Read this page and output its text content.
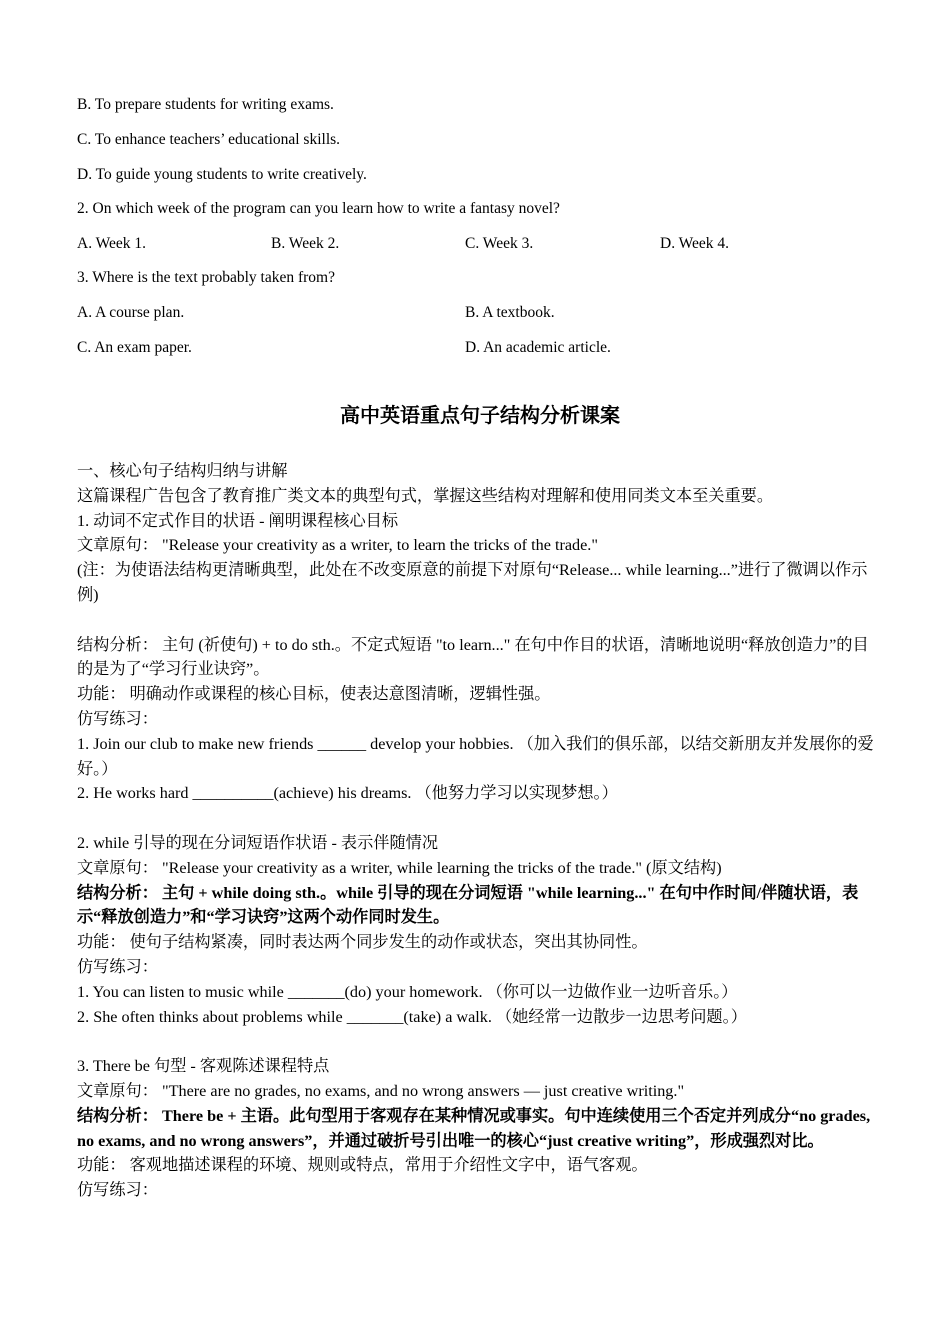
B. To prepare students for writing exams.
C. To enhance teachers’ educational skills.
D. To guide young students to write creatively.
2. On which week of the program can you learn how to write a fantasy novel?
A. Week 1.	B. Week 2.	C. Week 3.	D. Week 4.
3. Where is the text probably taken from?
A. A course plan.	B. A textbook.
C. An exam paper.	D. An academic article.
高中英语重点句子结构分析课案

一、核心句子结构归纳与讲解

这篇课程广告包含了教育推广类文本的典型句式，掌握这些结构对理解和使用同类文本至关重要。

1. 动词不定式作目的状语 - 阐明课程核心目标

文章原句： "Release your creativity as a writer, to learn the tricks of the trade."

(注：为使语法结构更清晰典型，此处在不改变原意的前提下对原句“Release... while learning...”进行了微调以作示例)

结构分析： 主句 (祈使句) + to do sth.。不定式短语 "to learn..." 在句中作目的状语，清晰地说明“释放创造力”的目的是为了“学习行业诀窍”。

功能： 明确动作或课程的核心目标，使表达意图清晰，逻辑性强。

仿写练习：

1. Join our club to make new friends ______ develop your hobbies. （加入我们的俱乐部，以结交新朋友并发展你的爱好。）

2. He works hard __________(achieve) his dreams. （他努力学习以实现梦想。）

2. while 引导的现在分词短语作状语 - 表示伴随情况

文章原句： "Release your creativity as a writer, while learning the tricks of the trade." (原文结构)

结构分析： 主句 + while doing sth.。while 引导的现在分词短语 "while learning..." 在句中作时间/伴随状语，表示“释放创造力”和“学习诀窍”这两个动作同时发生。

功能： 使句子结构紧凑，同时表达两个同步发生的动作或状态，突出其协同性。

仿写练习：

1. You can listen to music while _______(do) your homework. （你可以一边做作业一边听音乐。）

2. She often thinks about problems while _______(take) a walk. （她经常一边散步一边思考问题。）

3. There be 句型 - 客观陈述课程特点

文章原句： "There are no grades, no exams, and no wrong answers — just creative writing."

结构分析： There be + 主语。此句型用于客观存在某种情况或事实。句中连续使用三个否定并列成分“no grades, no exams, and no wrong answers”，并通过破折号引出唯一的核心“just creative writing”，形成强烈对比。

功能： 客观地描述课程的环境、规则或特点，常用于介绍性文字中，语气客观。

仿写练习：
